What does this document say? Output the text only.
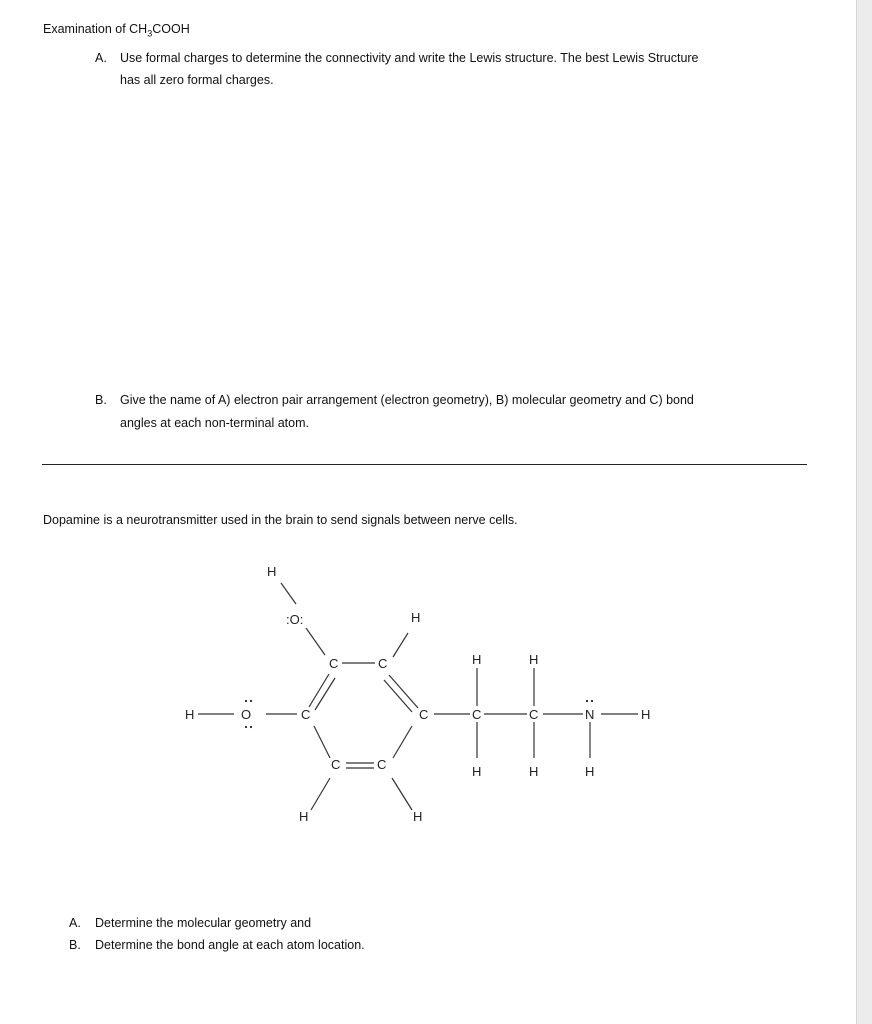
Examination of $CH_3COOH$
A. Use formal charges to determine the connectivity and write the Lewis structure. The best Lewis Structure
has all zero formal charges.
B. Give the name of A) electron pair arrangement (electron geometry), B) molecular geometry and C) bond
angles at each non-terminal atom.
Dopamine is a neurotransmitter used in the brain to send signals between nerve cells.
H
:O:	H
C	C
H	O	C	C
C	C
H	H
H	H
C	C	N	H
H	H	H
A. Determine the molecular geometry and
B. Determine the bond angle at each atom location.
